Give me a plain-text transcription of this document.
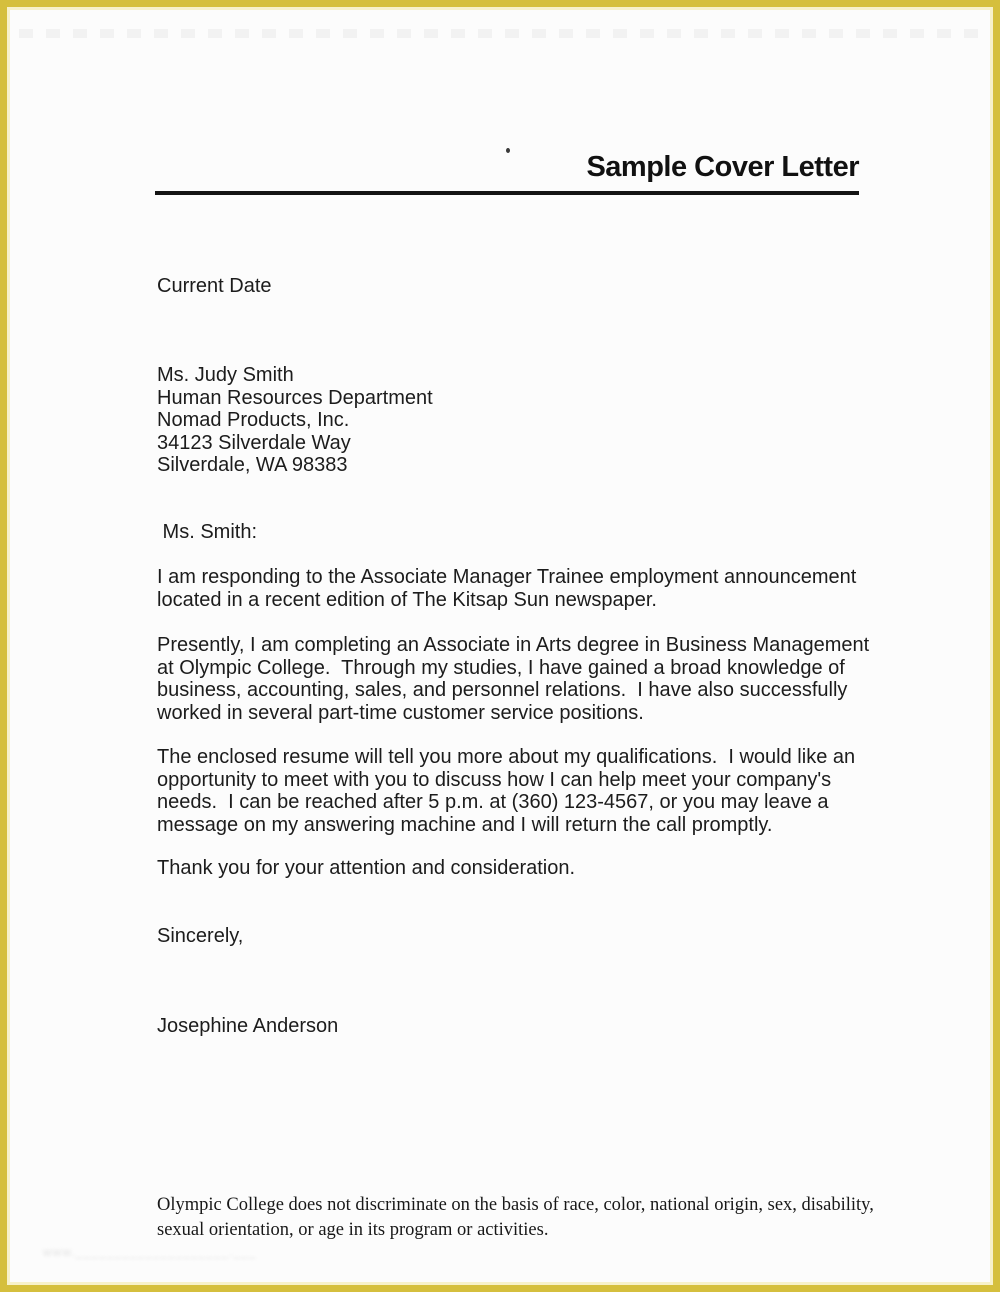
Sample Cover Letter
Current Date
Ms. Judy Smith
Human Resources Department
Nomad Products, Inc.
34123 Silverdale Way
Silverdale, WA 98383
Ms. Smith:
I am responding to the Associate Manager Trainee employment announcement
located in a recent edition of The Kitsap Sun newspaper.
Presently, I am completing an Associate in Arts degree in Business Management
at Olympic College.  Through my studies, I have gained a broad knowledge of
business, accounting, sales, and personnel relations.  I have also successfully
worked in several part-time customer service positions.
The enclosed resume will tell you more about my qualifications.  I would like an
opportunity to meet with you to discuss how I can help meet your company's
needs.  I can be reached after 5 p.m. at (360) 123-4567, or you may leave a
message on my answering machine and I will return the call promptly.
Thank you for your attention and consideration.
Sincerely,
Josephine Anderson
Olympic College does not discriminate on the basis of race, color, national origin, sex, disability,
sexual orientation, or age in its program or activities.
www.____________________.___
